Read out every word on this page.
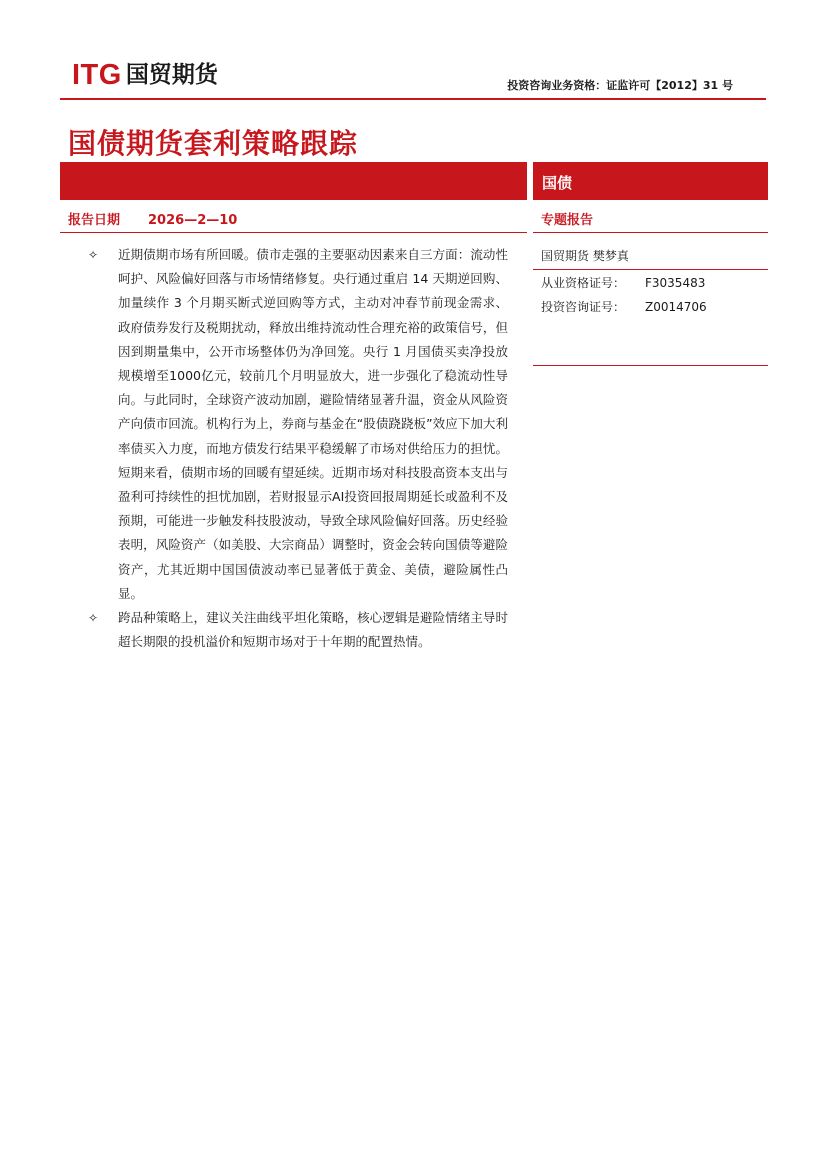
ITG 国贸期货	投资咨询业务资格：证监许可【2012】31 号
国债期货套利策略跟踪
国债
报告日期 2026—2—10	专题报告
✧	近期债期市场有所回暖。债市走强的主要驱动因素来自三方面：流动性呵护、风险偏好回落与市场情绪修复。央行通过重启 14 天期逆回购、加量续作 3 个月期买断式逆回购等方式，主动对冲春节前现金需求、政府债券发行及税期扰动，释放出维持流动性合理充裕的政策信号，但因到期量集中，公开市场整体仍为净回笼。央行 1 月国债买卖净投放规模增至1000亿元，较前几个月明显放大，进一步强化了稳流动性导向。与此同时，全球资产波动加剧，避险情绪显著升温，资金从风险资产向债市回流。机构行为上，券商与基金在“股债跷跷板”效应下加大利率债买入力度，而地方债发行结果平稳缓解了市场对供给压力的担忧。短期来看，债期市场的回暖有望延续。近期市场对科技股高资本支出与盈利可持续性的担忧加剧，若财报显示AI投资回报周期延长或盈利不及预期，可能进一步触发科技股波动，导致全球风险偏好回落。历史经验表明，风险资产（如美股、大宗商品）调整时，资金会转向国债等避险资产，尤其近期中国国债波动率已显著低于黄金、美债，避险属性凸显。
✧	跨品种策略上，建议关注曲线平坦化策略，核心逻辑是避险情绪主导时超长期限的投机溢价和短期市场对于十年期的配置热情。
国贸期货 樊梦真
从业资格证号： F3035483
投资咨询证号： Z0014706
